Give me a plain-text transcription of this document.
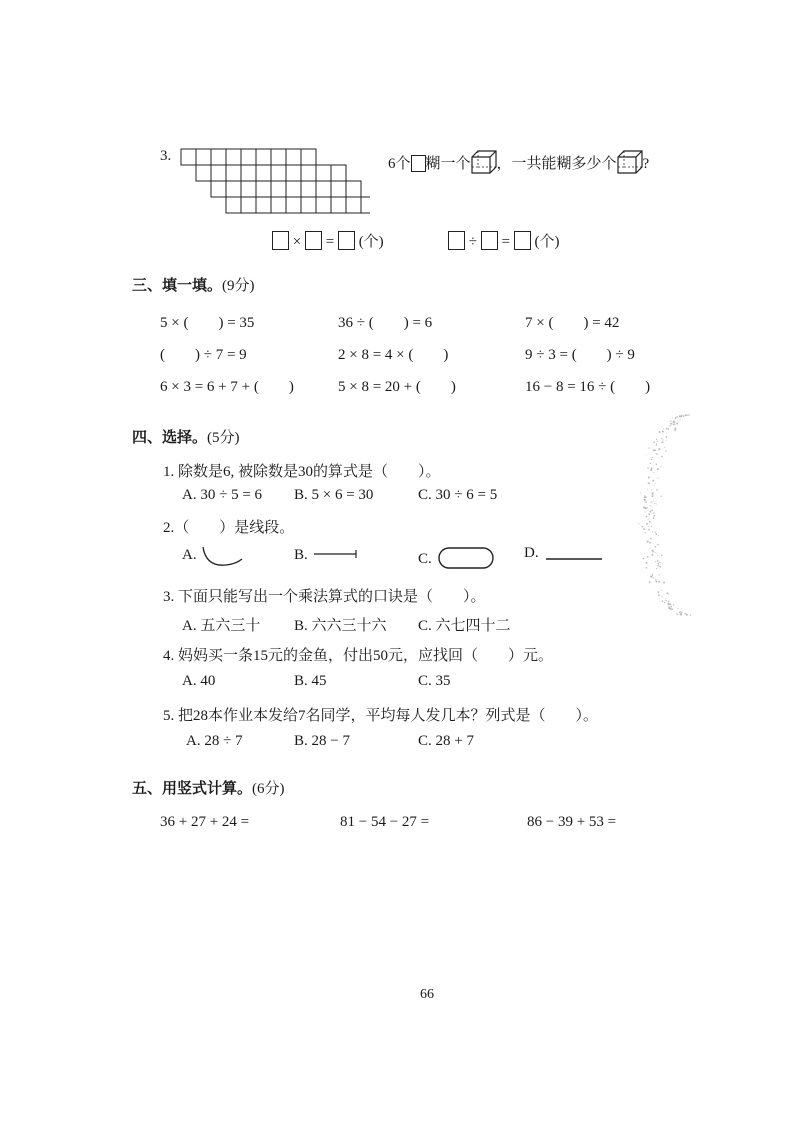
3.	6个 糊一个 ，一共能糊多少个 ?
× = (个)	÷ = (个)
三、填一填。(9分)
5 × (　　) = 35	36 ÷ (　　) = 6	7 × (　　) = 42
(　　) ÷ 7 = 9	2 × 8 = 4 × (　　)	9 ÷ 3 = (　　) ÷ 9
6 × 3 = 6 + 7 + (　　)	5 × 8 = 20 + (　　)	16 − 8 = 16 ÷ (　　)
四、选择。(5分)
1. 除数是6, 被除数是30的算式是（　　）。
A. 30 ÷ 5 = 6 B. 5 × 6 = 30	C. 30 ÷ 6 = 5
2.（　　）是线段。
A.	B.	C.	D.
3. 下面只能写出一个乘法算式的口诀是（　　）。
A. 五六三十 B. 六六三十六 C. 六七四十二
4. 妈妈买一条15元的金鱼，付出50元，应找回（　　）元。
A. 40	B. 45	C. 35
5. 把28本作业本发给7名同学，平均每人发几本？列式是（　　）。
A. 28 ÷ 7	B. 28 − 7	C. 28 + 7
五、用竖式计算。(6分)
36 + 27 + 24 =	81 − 54 − 27 =	86 − 39 + 53 =
66
